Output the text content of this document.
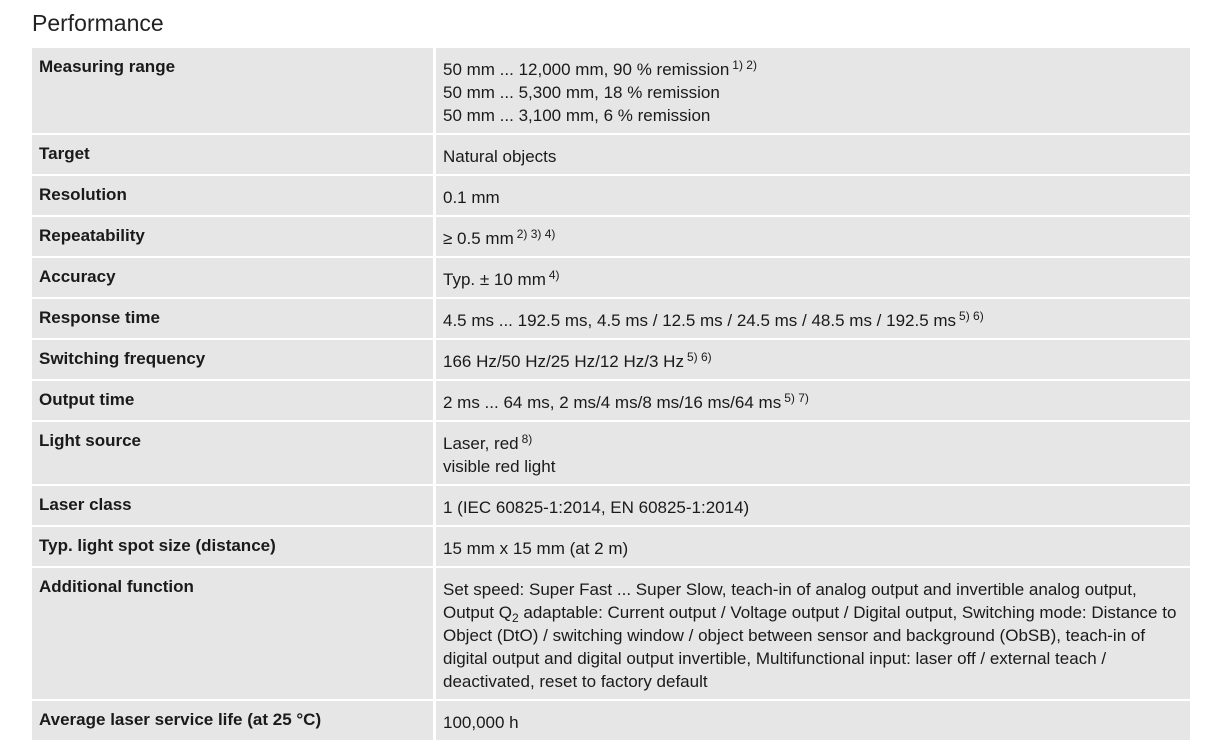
Performance
Measuring range	50 mm ... 12,000 mm, 90 % remission $^{1) 2)}$
50 mm ... 5,300 mm, 18 % remission
50 mm ... 3,100 mm, 6 % remission

Target	Natural objects

Resolution	0.1 mm

Repeatability	≥ 0.5 mm $^{2) 3) 4)}$

Accuracy	Typ. ± 10 mm $^{4)}$

Response time	4.5 ms ... 192.5 ms, 4.5 ms / 12.5 ms / 24.5 ms / 48.5 ms / 192.5 ms $^{5) 6)}$

Switching frequency	166 Hz/50 Hz/25 Hz/12 Hz/3 Hz $^{5) 6)}$

Output time	2 ms ... 64 ms, 2 ms/4 ms/8 ms/16 ms/64 ms $^{5) 7)}$

Light source	Laser, red $^{8)}$
visible red light

Laser class	1 (IEC 60825-1:2014, EN 60825-1:2014)

Typ. light spot size (distance)	15 mm x 15 mm (at 2 m)

Additional function	Set speed: Super Fast ... Super Slow, teach-in of analog output and invertible analog output, Output $Q_2$ adaptable: Current output / Voltage output / Digital output, Switching mode: Distance to Object (DtO) / switching window / object between sensor and background (ObSB), teach-in of digital output and digital output invertible, Multifunctional input: laser off / external teach / deactivated, reset to factory default

Average laser service life (at 25 °C)	100,000 h
